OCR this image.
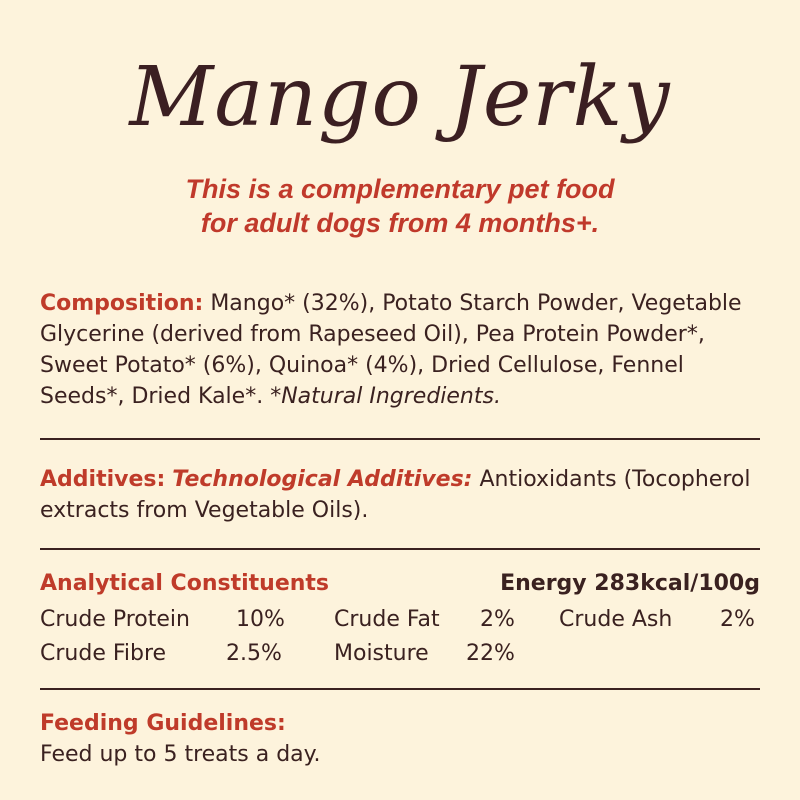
Mango Jerky
This is a complementary pet food
for adult dogs from 4 months+.
Composition: Mango* (32%), Potato Starch Powder, Vegetable Glycerine (derived from Rapeseed Oil), Pea Protein Powder*, Sweet Potato* (6%), Quinoa* (4%), Dried Cellulose, Fennel Seeds*, Dried Kale*. *Natural Ingredients.
Additives: Technological Additives: Antioxidants (Tocopherol extracts from Vegetable Oils).
Analytical Constituents	Energy 283kcal/100g
Crude Protein 10% Crude Fat 2% Crude Ash 2%
Crude Fibre	2.5% Moisture 22%
Feeding Guidelines:
Feed up to 5 treats a day.
